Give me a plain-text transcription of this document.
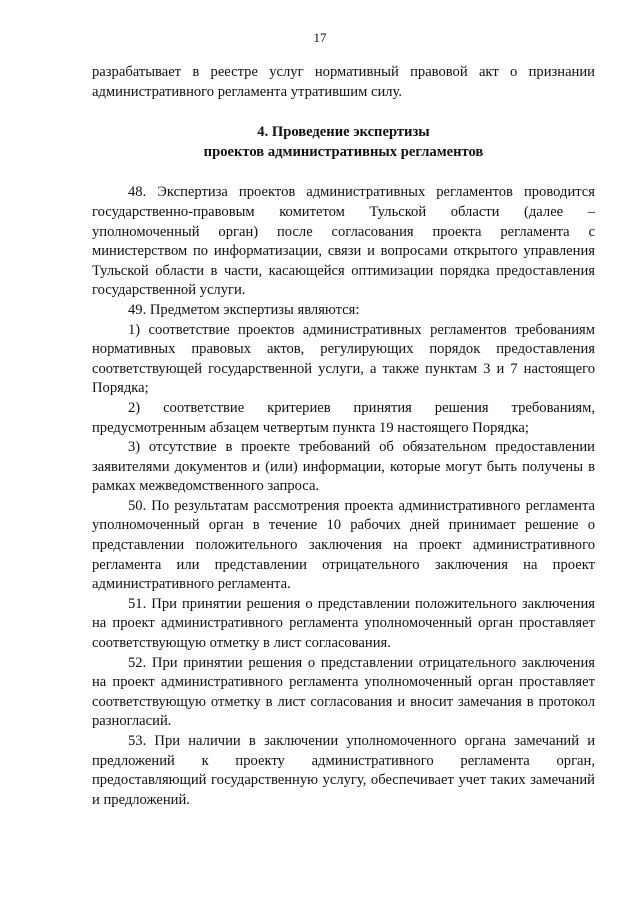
17

разрабатывает в реестре услуг нормативный правовой акт о признании административного регламента утратившим силу.

4. Проведение экспертизы
проектов административных регламентов

48. Экспертиза проектов административных регламентов проводится государственно-правовым комитетом Тульской области (далее – уполномоченный орган) после согласования проекта регламента с министерством по информатизации, связи и вопросами открытого управления Тульской области в части, касающейся оптимизации порядка предоставления государственной услуги.

49. Предметом экспертизы являются:

1) соответствие проектов административных регламентов требованиям нормативных правовых актов, регулирующих порядок предоставления соответствующей государственной услуги, а также пунктам 3 и 7 настоящего Порядка;

2) соответствие критериев принятия решения требованиям, предусмотренным абзацем четвертым пункта 19 настоящего Порядка;

3) отсутствие в проекте требований об обязательном предоставлении заявителями документов и (или) информации, которые могут быть получены в рамках межведомственного запроса.

50. По результатам рассмотрения проекта административного регламента уполномоченный орган в течение 10 рабочих дней принимает решение о представлении положительного заключения на проект административного регламента или представлении отрицательного заключения на проект административного регламента.

51. При принятии решения о представлении положительного заключения на проект административного регламента уполномоченный орган проставляет соответствующую отметку в лист согласования.

52. При принятии решения о представлении отрицательного заключения на проект административного регламента уполномоченный орган проставляет соответствующую отметку в лист согласования и вносит замечания в протокол разногласий.

53. При наличии в заключении уполномоченного органа замечаний и предложений к проекту административного регламента орган, предоставляющий государственную услугу, обеспечивает учет таких замечаний и предложений.
